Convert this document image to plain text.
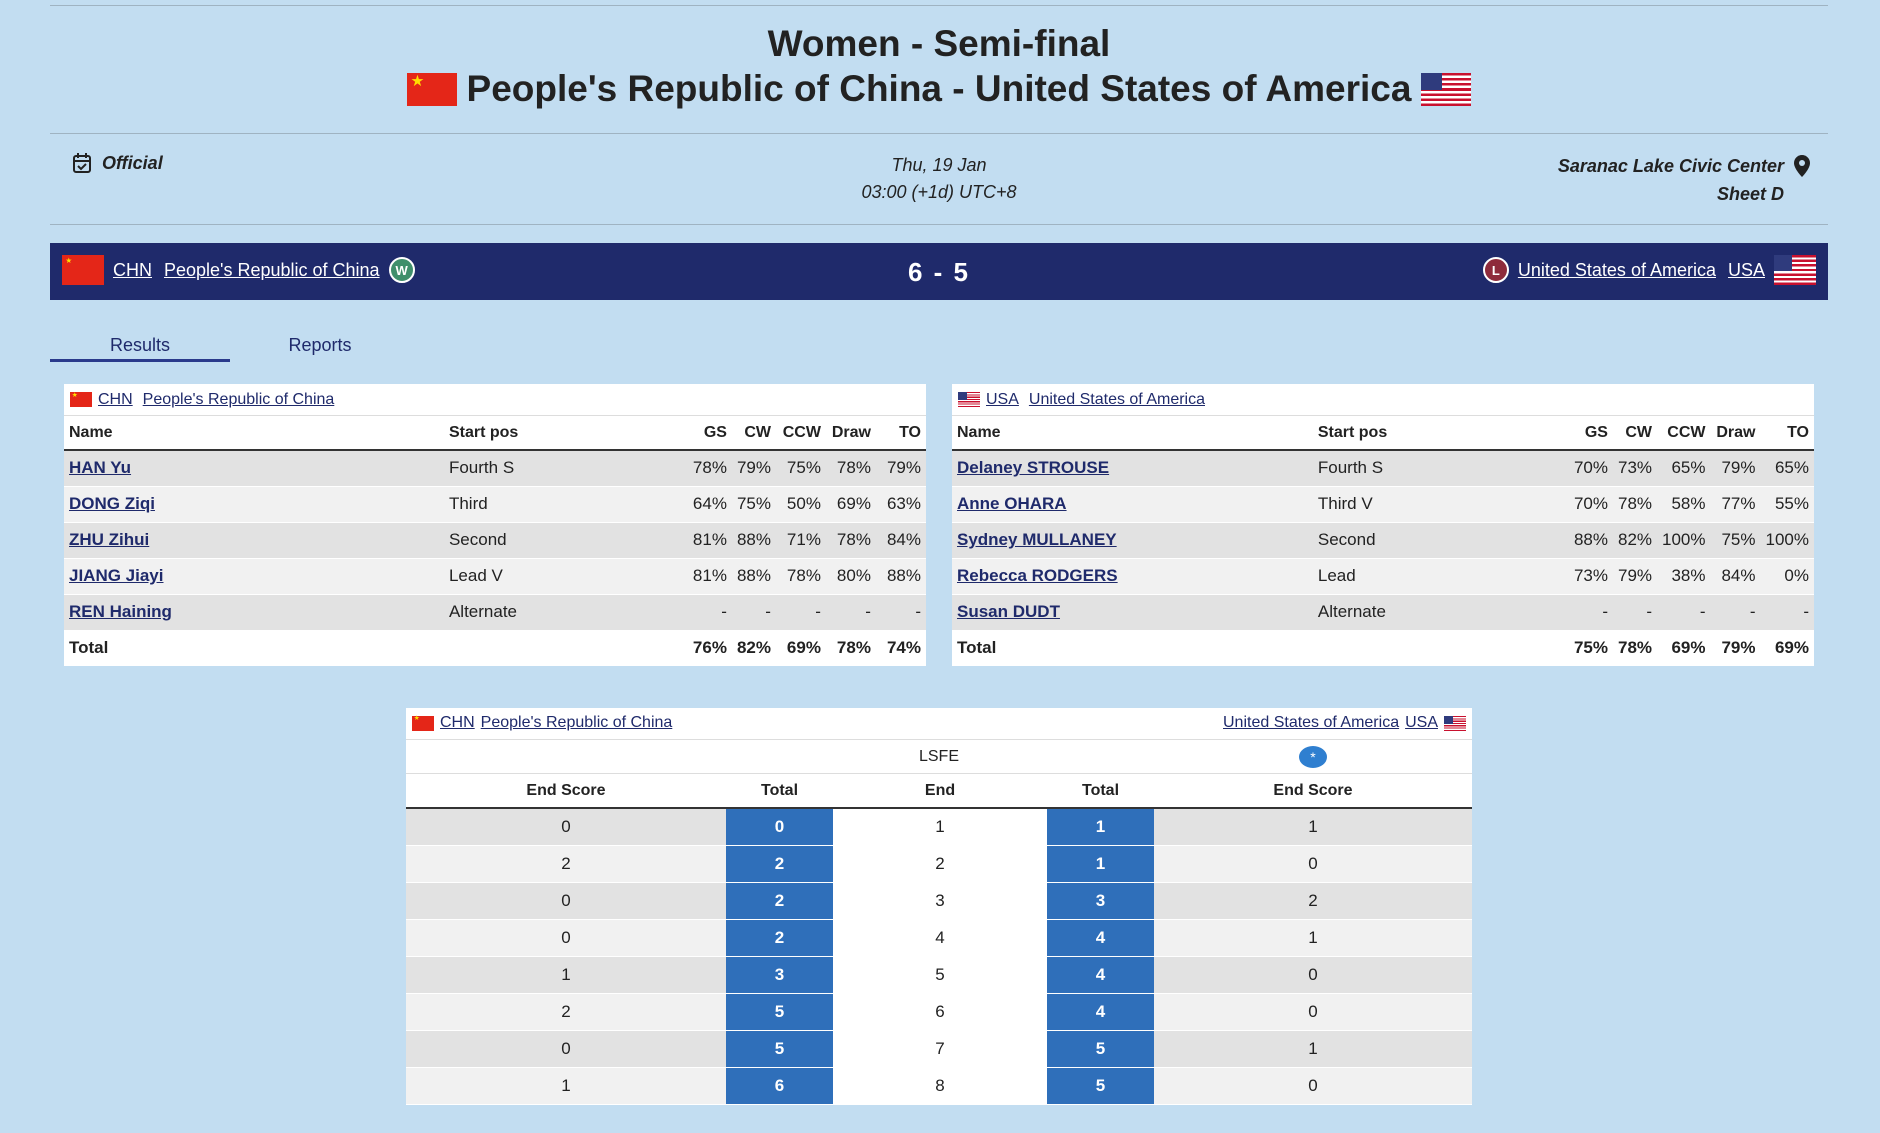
Women - Semi-final
★
People's Republic of China - United States of America
Official	Thu, 19 Jan
03:00 (+1d) UTC+8
Saranac Lake Civic Center
Sheet D
★
CHN People's Republic of China	W	6 - 5	L	United States of America USA
Results	Reports
★
CHN People's Republic of China
Name	Start pos	GS	CW	CCW	Draw	TO
HAN Yu	Fourth S	78%	79%	75%	78%	79%
DONG Ziqi	Third	64%	75%	50%	69%	63%
ZHU Zihui	Second	81%	88%	71%	78%	84%
JIANG Jiayi	Lead V	81%	88%	78%	80%	88%
REN Haining	Alternate	-	-	-	-	-
Total		76%	82%	69%	78%	74%
USA United States of America
Name	Start pos	GS	CW	CCW	Draw	TO
Delaney STROUSE	Fourth S	70%	73%	65%	79%	65%
Anne OHARA	Third V	70%	78%	58%	77%	55%
Sydney MULLANEY	Second	88%	82%	100%	75%	100%
Rebecca RODGERS	Lead	73%	79%	38%	84%	0%
Susan DUDT	Alternate	-	-	-	-	-
Total		75%	78%	69%	79%	69%
★
CHN People's Republic of China	United States of America USA
LSFE	*
End Score	Total	End	Total	End Score
0	0	1	1	1
2	2	2	1	0
0	2	3	3	2
0	2	4	4	1
1	3	5	4	0
2	5	6	4	0
0	5	7	5	1
1	6	8	5	0
